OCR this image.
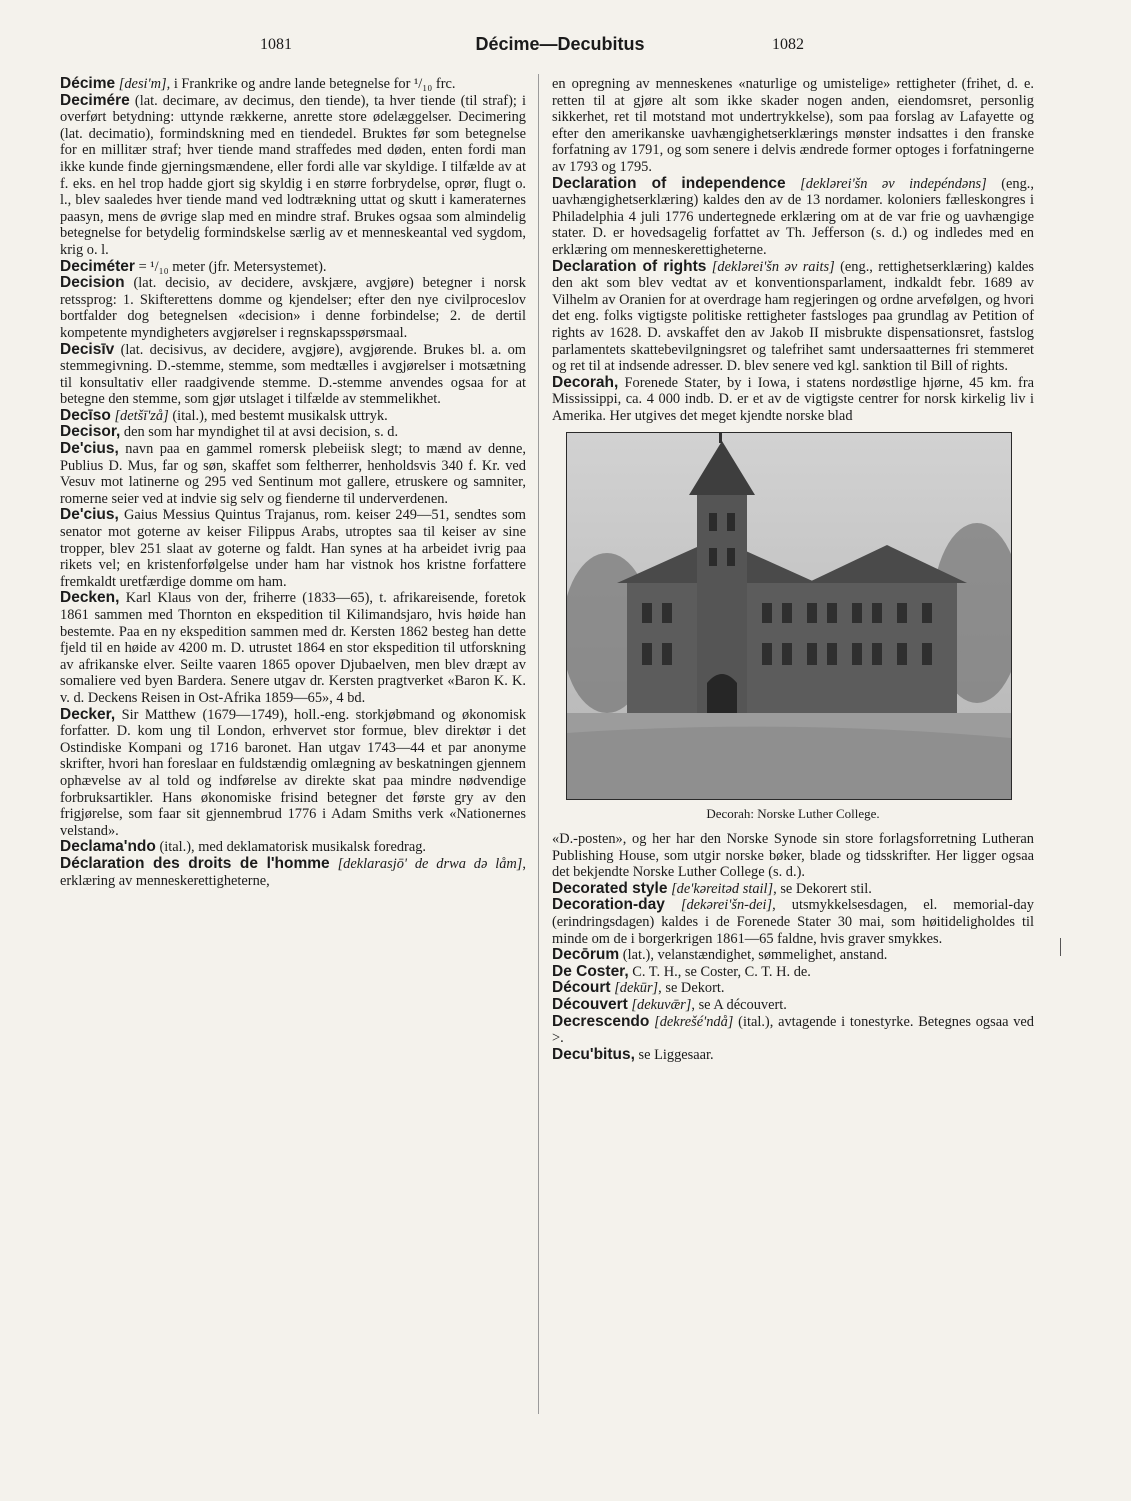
1081	Décime—Decubitus	1082

Décime [desi'm], i Frankrike og andre lande betegnelse for ¹/₁₀ frc.

Decimére (lat. decimare, av decimus, den tiende), ta hver tiende (til straf); i overført betydning: uttynde rækkerne, anrette store ødelæggelser. Decimering (lat. decimatio), formindskning med en tiendedel. Bruktes før som betegnelse for en millitær straf; hver tiende mand straffedes med døden, enten fordi man ikke kunde finde gjerningsmændene, eller fordi alle var skyldige. I tilfælde av at f. eks. en hel trop hadde gjort sig skyldig i en større forbrydelse, oprør, flugt o. l., blev saaledes hver tiende mand ved lodtrækning uttat og skutt i kameraternes paasyn, mens de øvrige slap med en mindre straf. Brukes ogsaa som almindelig betegnelse for betydelig formindskelse særlig av et menneskeantal ved sygdom, krig o. l.

Deciméter = ¹/₁₀ meter (jfr. Metersystemet).

Decision (lat. decisio, av decidere, avskjære, avgjøre) betegner i norsk retssprog: 1. Skifterettens domme og kjendelser; efter den nye civilproceslov bortfalder dog betegnelsen «decision» i denne forbindelse; 2. de dertil kompetente myndigheters avgjørelser i regnskapsspørsmaal.

Decisīv (lat. decisivus, av decidere, avgjøre), avgjørende. Brukes bl. a. om stemmegivning. D.-stemme, stemme, som medtælles i avgjørelser i motsætning til konsultativ eller raadgivende stemme. D.-stemme anvendes ogsaa for at betegne den stemme, som gjør utslaget i tilfælde av stemmelikhet.

Decīso [detšī'zå] (ital.), med bestemt musikalsk uttryk.

Decisor, den som har myndighet til at avsi decision, s. d.

De'cius, navn paa en gammel romersk plebeiisk slegt; to mænd av denne, Publius D. Mus, far og søn, skaffet som feltherrer, henholdsvis 340 f. Kr. ved Vesuv mot latinerne og 295 ved Sentinum mot gallere, etruskere og samniter, romerne seier ved at indvie sig selv og fienderne til underverdenen.

De'cius, Gaius Messius Quintus Trajanus, rom. keiser 249—51, sendtes som senator mot goterne av keiser Filippus Arabs, utroptes saa til keiser av sine tropper, blev 251 slaat av goterne og faldt. Han synes at ha arbeidet ivrig paa rikets vel; en kristenforfølgelse under ham har vistnok hos kristne forfattere fremkaldt uretfærdige domme om ham.

Decken, Karl Klaus von der, friherre (1833—65), t. afrikareisende, foretok 1861 sammen med Thornton en ekspedition til Kilimandsjaro, hvis høide han bestemte. Paa en ny ekspedition sammen med dr. Kersten 1862 besteg han dette fjeld til en høide av 4200 m. D. utrustet 1864 en stor ekspedition til utforskning av afrikanske elver. Seilte vaaren 1865 opover Djubaelven, men blev dræpt av somaliere ved byen Bardera. Senere utgav dr. Kersten pragtverket «Baron K. K. v. d. Deckens Reisen in Ost-Afrika 1859—65», 4 bd.

Decker, Sir Matthew (1679—1749), holl.-eng. storkjøbmand og økonomisk forfatter. D. kom ung til London, erhvervet stor formue, blev direktør i det Ostindiske Kompani og 1716 baronet. Han utgav 1743—44 et par anonyme skrifter, hvori han foreslaar en fuldstændig omlægning av beskatningen gjennem ophævelse av al told og indførelse av direkte skat paa mindre nødvendige forbruksartikler. Hans økonomiske frisind betegner det første gry av den frigjørelse, som faar sit gjennembrud 1776 i Adam Smiths verk «Nationernes velstand».

Declama'ndo (ital.), med deklamatorisk musikalsk foredrag.

Déclaration des droits de l'homme [deklarasjō' de drwa də låm], erklæring av menneskerettigheterne,

en opregning av menneskenes «naturlige og umistelige» rettigheter (frihet, d. e. retten til at gjøre alt som ikke skader nogen anden, eiendomsret, personlig sikkerhet, ret til motstand mot undertrykkelse), som paa forslag av Lafayette og efter den amerikanske uavhængighetserklærings mønster indsattes i den franske forfatning av 1791, og som senere i delvis ændrede former optoges i forfatningerne av 1793 og 1795.

Declaration of independence [deklərei'šn əv indepéndəns] (eng., uavhængighetserklæring) kaldes den av de 13 nordamer. koloniers fællеskongres i Philadelphia 4 juli 1776 undertegnede erklæring om at de var frie og uavhængige stater. D. er hovedsagelig forfattet av Th. Jefferson (s. d.) og indledes med en erklæring om menneskerettigheterne.

Declaration of rights [deklərei'šn əv raits] (eng., rettighetserklæring) kaldes den akt som blev vedtat av et konventionsparlament, indkaldt febr. 1689 av Vilhelm av Oranien for at overdrage ham regjeringen og ordne arvefølgen, og hvori det eng. folks vigtigste politiske rettigheter fastsloges paa grundlag av Petition of rights av 1628. D. avskaffet den av Jakob II misbrukte dispensationsret, fastslog parlamentets skattebevilgningsret og talefrihet samt undersaatternes fri stemmeret og ret til at indsende adresser. D. blev senere ved kgl. sanktion til Bill of rights.

Decorah, Forenede Stater, by i Iowa, i statens nordøstlige hjørne, 45 km. fra Mississippi, ca. 4 000 indb. D. er et av de vigtigste centrer for norsk kirkelig liv i Amerika. Her utgives det meget kjendte norske blad

Decorah: Norske Luther College.

«D.-posten», og her har den Norske Synode sin store forlagsforretning Lutheran Publishing House, som utgir norske bøker, blade og tidsskrifter. Her ligger ogsaa det bekjendte Norske Luther College (s. d.).

Decorated style [de'kəreitəd stail], se Dekorert stil.

Decoration-day [dekərei'šn-dei], utsmykkelsesdagen, el. memorial-day (erindringsdagen) kaldes i de Forenede Stater 30 mai, som høitideligholdes til minde om de i borgerkrigen 1861—65 faldne, hvis graver smykkes.

Decōrum (lat.), velanstændighet, sømmelighet, anstand.

De Coster, C. T. H., se Coster, C. T. H. de.

Décourt [dekūr], se Dekort.

Découvert [dekuvǣr], se A découvert.

Decrescendo [dekrešé'ndå] (ital.), avtagende i tonestyrke. Betegnes ogsaa ved >.

Decu'bitus, se Liggesaar.
